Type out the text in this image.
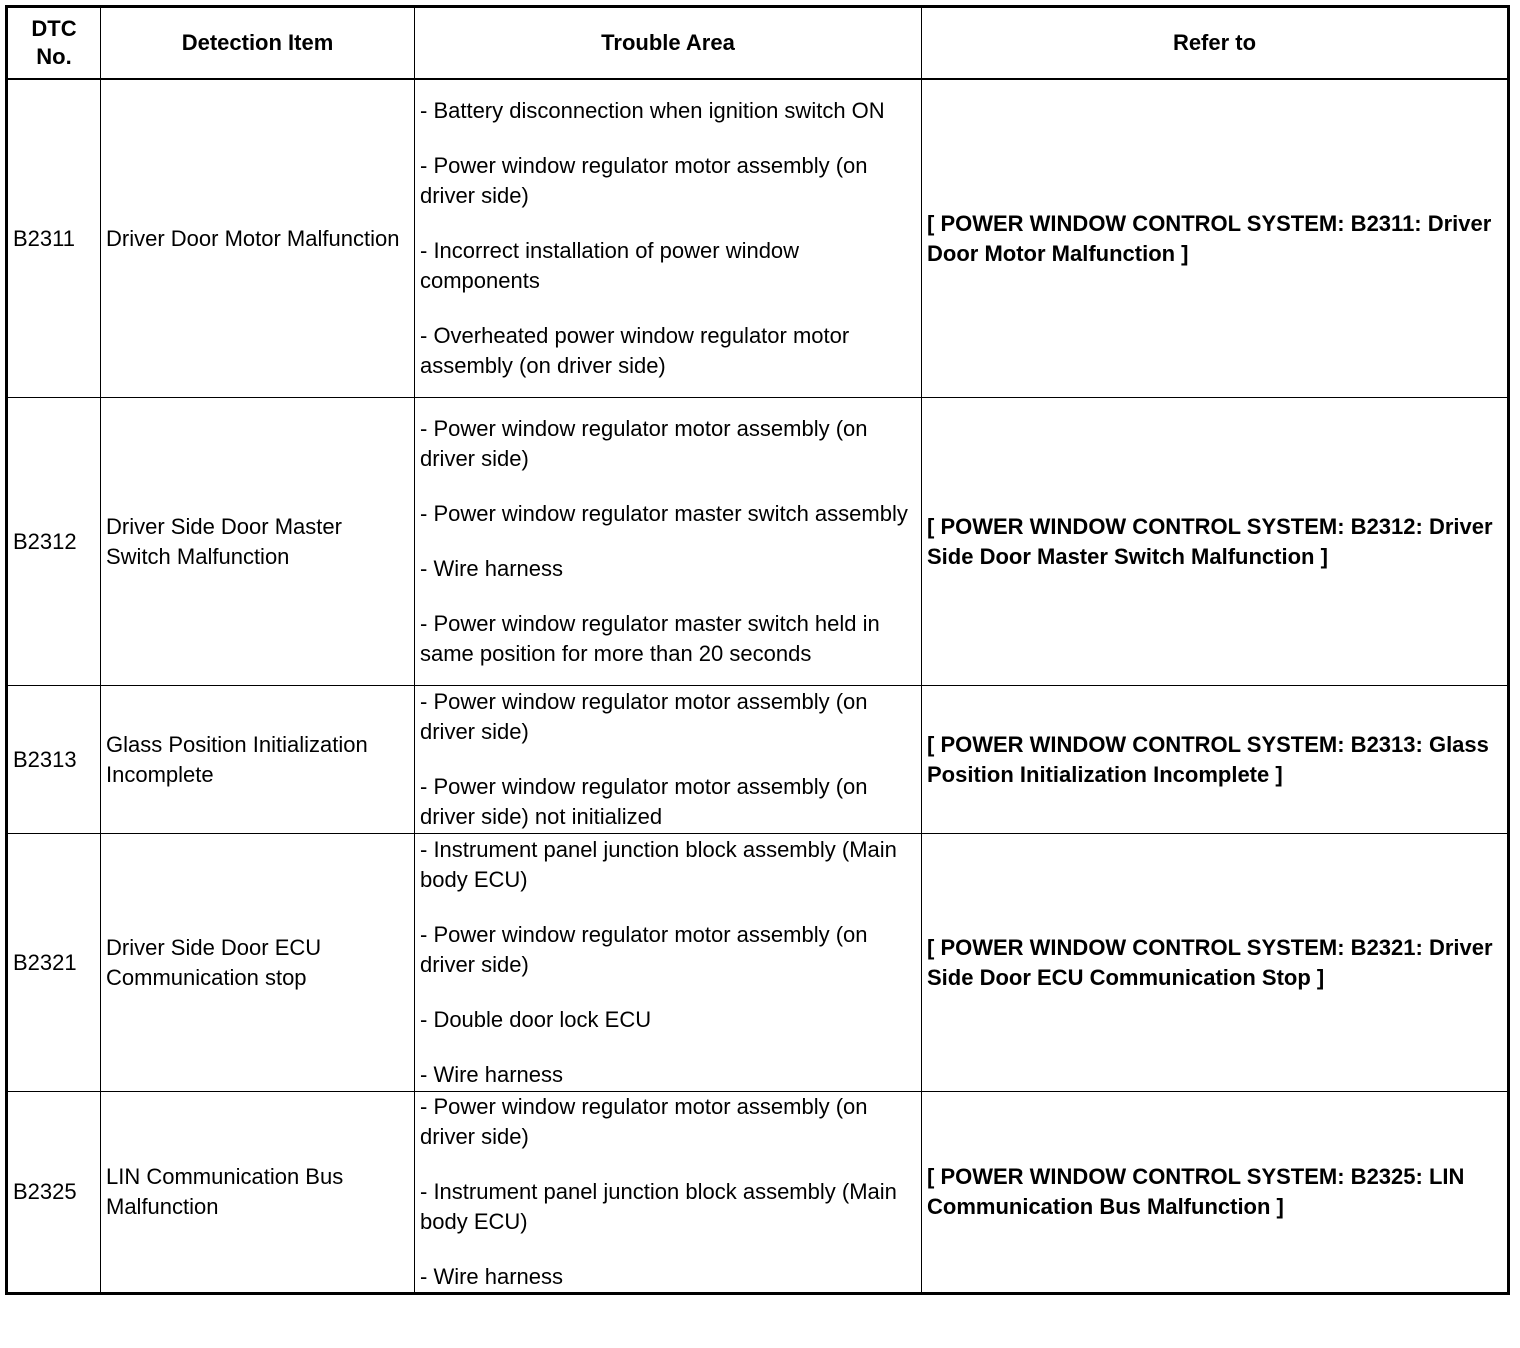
DTC No.	Detection Item	Trouble Area	Refer to
B2311	Driver Door Motor Malfunction	- Battery disconnection when ignition switch ON
- Power window regulator motor assembly (on driver side)
- Incorrect installation of power window components
- Overheated power window regulator motor assembly (on driver side)	[ POWER WINDOW CONTROL SYSTEM: B2311: Driver Door Motor Malfunction ]
B2312	Driver Side Door Master Switch Malfunction	- Power window regulator motor assembly (on driver side)
- Power window regulator master switch assembly
- Wire harness
- Power window regulator master switch held in same position for more than 20 seconds	[ POWER WINDOW CONTROL SYSTEM: B2312: Driver Side Door Master Switch Malfunction ]
B2313	Glass Position Initialization Incomplete	- Power window regulator motor assembly (on driver side)
- Power window regulator motor assembly (on driver side) not initialized	[ POWER WINDOW CONTROL SYSTEM: B2313: Glass Position Initialization Incomplete ]
B2321	Driver Side Door ECU Communication stop	- Instrument panel junction block assembly (Main body ECU)
- Power window regulator motor assembly (on driver side)
- Double door lock ECU
- Wire harness	[ POWER WINDOW CONTROL SYSTEM: B2321: Driver Side Door ECU Communication Stop ]
B2325	LIN Communication Bus Malfunction	- Power window regulator motor assembly (on driver side)
- Instrument panel junction block assembly (Main body ECU)
- Wire harness	[ POWER WINDOW CONTROL SYSTEM: B2325: LIN Communication Bus Malfunction ]
